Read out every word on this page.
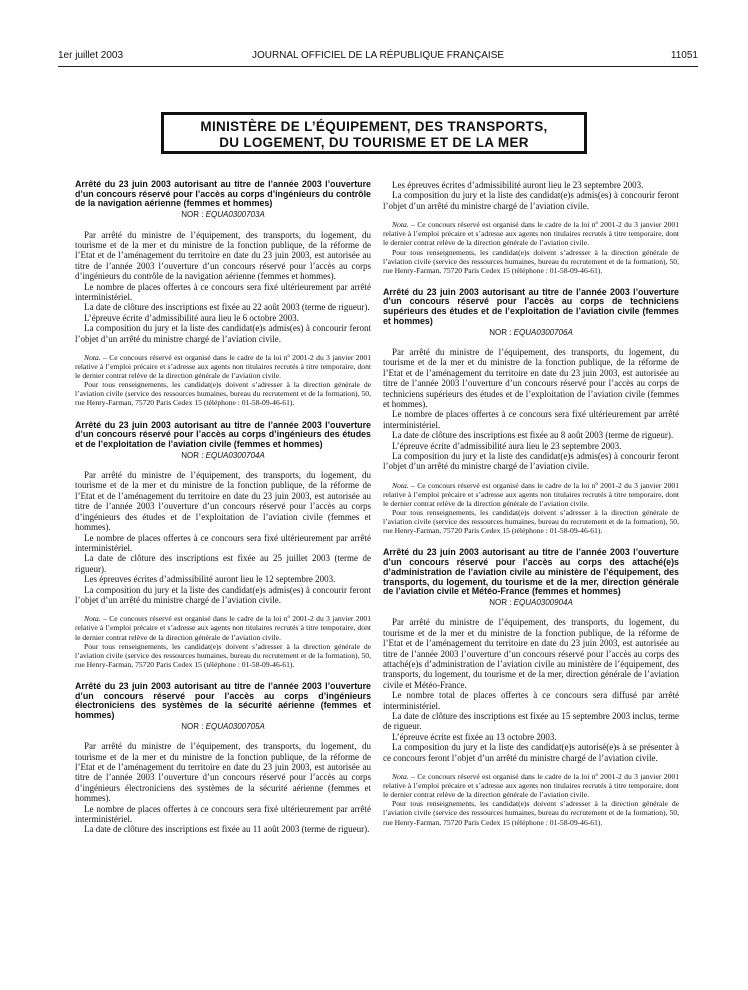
1er juillet 2003	JOURNAL OFFICIEL DE LA RÉPUBLIQUE FRANÇAISE	11051
MINISTÈRE DE L’ÉQUIPEMENT, DES TRANSPORTS,
DU LOGEMENT, DU TOURISME ET DE LA MER

Arrêté du 23 juin 2003 autorisant au titre de l’année 2003 l’ouverture d’un concours réservé pour l’accès au corps d’ingénieurs du contrôle de la navigation aérienne (femmes et hommes)

NOR : EQUA0300703A

Par arrêté du ministre de l’équipement, des transports, du logement, du tourisme et de la mer et du ministre de la fonction publique, de la réforme de l’Etat et de l’aménagement du territoire en date du 23 juin 2003, est autorisée au titre de l’année 2003 l’ouverture d’un concours réservé pour l’accès au corps d’ingénieurs du contrôle de la navigation aérienne (femmes et hommes).

Le nombre de places offertes à ce concours sera fixé ultérieurement par arrêté interministériel.

La date de clôture des inscriptions est fixée au 22 août 2003 (terme de rigueur).

L’épreuve écrite d’admissibilité aura lieu le 6 octobre 2003.

La composition du jury et la liste des candidat(e)s admis(es) à concourir feront l’objet d’un arrêté du ministre chargé de l’aviation civile.

Nota. – Ce concours réservé est organisé dans le cadre de la loi nº 2001-2 du 3 janvier 2001 relative à l’emploi précaire et s’adresse aux agents non titulaires recrutés à titre temporaire, dont le dernier contrat relève de la direction générale de l’aviation civile.

Pour tous renseignements, les candidat(e)s doivent s’adresser à la direction générale de l’aviation civile (service des ressources humaines, bureau du recrutement et de la formation), 50, rue Henry-Farman, 75720 Paris Cedex 15 (téléphone : 01-58-09-46-61).

Arrêté du 23 juin 2003 autorisant au titre de l’année 2003 l’ouverture d’un concours réservé pour l’accès au corps d’ingénieurs des études et de l’exploitation de l’aviation civile (femmes et hommes)

NOR : EQUA0300704A

Par arrêté du ministre de l’équipement, des transports, du logement, du tourisme et de la mer et du ministre de la fonction publique, de la réforme de l’Etat et de l’aménagement du territoire en date du 23 juin 2003, est autorisée au titre de l’année 2003 l’ouverture d’un concours réservé pour l’accès au corps d’ingénieurs des études et de l’exploitation de l’aviation civile (femmes et hommes).

Le nombre de places offertes à ce concours sera fixé ultérieurement par arrêté interministériel.

La date de clôture des inscriptions est fixée au 25 juillet 2003 (terme de rigueur).

Les épreuves écrites d’admissibilité auront lieu le 12 septembre 2003.

La composition du jury et la liste des candidat(e)s admis(es) à concourir feront l’objet d’un arrêté du ministre chargé de l’aviation civile.

Nota. – Ce concours réservé est organisé dans le cadre de la loi nº 2001-2 du 3 janvier 2001 relative à l’emploi précaire et s’adresse aux agents non titulaires recrutés à titre temporaire, dont le dernier contrat relève de la direction générale de l’aviation civile.

Pour tous renseignements, les candidat(e)s doivent s’adresser à la direction générale de l’aviation civile (service des ressources humaines, bureau du recrutement et de la formation), 50, rue Henry-Farman, 75720 Paris Cedex 15 (téléphone : 01-58-09-46-61).

Arrêté du 23 juin 2003 autorisant au titre de l’année 2003 l’ouverture d’un concours réservé pour l’accès au corps d’ingénieurs électroniciens des systèmes de la sécurité aérienne (femmes et hommes)

NOR : EQUA0300705A

Par arrêté du ministre de l’équipement, des transports, du logement, du tourisme et de la mer et du ministre de la fonction publique, de la réforme de l’Etat et de l’aménagement du territoire en date du 23 juin 2003, est autorisée au titre de l’année 2003 l’ouverture d’un concours réservé pour l’accès au corps d’ingénieurs électroniciens des systèmes de la sécurité aérienne (femmes et hommes).

Le nombre de places offertes à ce concours sera fixé ultérieurement par arrêté interministériel.

La date de clôture des inscriptions est fixée au 11 août 2003 (terme de rigueur).

Les épreuves écrites d’admissibilité auront lieu le 23 septembre 2003.

La composition du jury et la liste des candidat(e)s admis(es) à concourir feront l’objet d’un arrêté du ministre chargé de l’aviation civile.

Nota. – Ce concours réservé est organisé dans le cadre de la loi nº 2001-2 du 3 janvier 2001 relative à l’emploi précaire et s’adresse aux agents non titulaires recrutés à titre temporaire, dont le dernier contrat relève de la direction générale de l’aviation civile.

Pour tous renseignements, les candidat(e)s doivent s’adresser à la direction générale de l’aviation civile (service des ressources humaines, bureau du recrutement et de la formation), 50, rue Henry-Farman, 75720 Paris Cedex 15 (téléphone : 01-58-09-46-61).

Arrêté du 23 juin 2003 autorisant au titre de l’année 2003 l’ouverture d’un concours réservé pour l’accès au corps de techniciens supérieurs des études et de l’exploitation de l’aviation civile (femmes et hommes)

NOR : EQUA0300706A

Par arrêté du ministre de l’équipement, des transports, du logement, du tourisme et de la mer et du ministre de la fonction publique, de la réforme de l’Etat et de l’aménagement du territoire en date du 23 juin 2003, est autorisée au titre de l’année 2003 l’ouverture d’un concours réservé pour l’accès au corps de techniciens supérieurs des études et de l’exploitation de l’aviation civile (femmes et hommes).

Le nombre de places offertes à ce concours sera fixé ultérieurement par arrêté interministériel.

La date de clôture des inscriptions est fixée au 8 août 2003 (terme de rigueur).

L’épreuve écrite d’admissibilité aura lieu le 23 septembre 2003.

La composition du jury et la liste des candidat(e)s admis(es) à concourir feront l’objet d’un arrêté du ministre chargé de l’aviation civile.

Nota. – Ce concours réservé est organisé dans le cadre de la loi nº 2001-2 du 3 janvier 2001 relative à l’emploi précaire et s’adresse aux agents non titulaires recrutés à titre temporaire, dont le dernier contrat relève de la direction générale de l’aviation civile.

Pour tous renseignements, les candidat(e)s doivent s’adresser à la direction générale de l’aviation civile (service des ressources humaines, bureau du recrutement et de la formation), 50, rue Henry-Farman, 75720 Paris Cedex 15 (téléphone : 01-58-09-46-61).

Arrêté du 23 juin 2003 autorisant au titre de l’année 2003 l’ouverture d’un concours réservé pour l’accès au corps des attaché(e)s d’administration de l’aviation civile au ministère de l’équipement, des transports, du logement, du tourisme et de la mer, direction générale de l’aviation civile et Météo-France (femmes et hommes)

NOR : EQUA0300904A

Par arrêté du ministre de l’équipement, des transports, du logement, du tourisme et de la mer et du ministre de la fonction publique, de la réforme de l’Etat et de l’aménagement du territoire en date du 23 juin 2003, est autorisée au titre de l’année 2003 l’ouverture d’un concours réservé pour l’accès au corps des attaché(e)s d’administration de l’aviation civile au ministère de l’équipement, des transports, du logement, du tourisme et de la mer, direction générale de l’aviation civile et Météo-France.

Le nombre total de places offertes à ce concours sera diffusé par arrêté interministériel.

La date de clôture des inscriptions est fixée au 15 septembre 2003 inclus, terme de rigueur.

L’épreuve écrite est fixée au 13 octobre 2003.

La composition du jury et la liste des candidat(e)s autorisé(e)s à se présenter à ce concours feront l’objet d’un arrêté du ministre chargé de l’aviation civile.

Nota. – Ce concours réservé est organisé dans le cadre de la loi nº 2001-2 du 3 janvier 2001 relative à l’emploi précaire et s’adresse aux agents non titulaires recrutés à titre temporaire, dont le dernier contrat relève de la direction générale de l’aviation civile.

Pour tous renseignements, les candidat(e)s doivent s’adresser à la direction générale de l’aviation civile (service des ressources humaines, bureau du recrutement et de la formation), 50, rue Henry-Farman, 75720 Paris Cedex 15 (téléphone : 01-58-09-46-61).
